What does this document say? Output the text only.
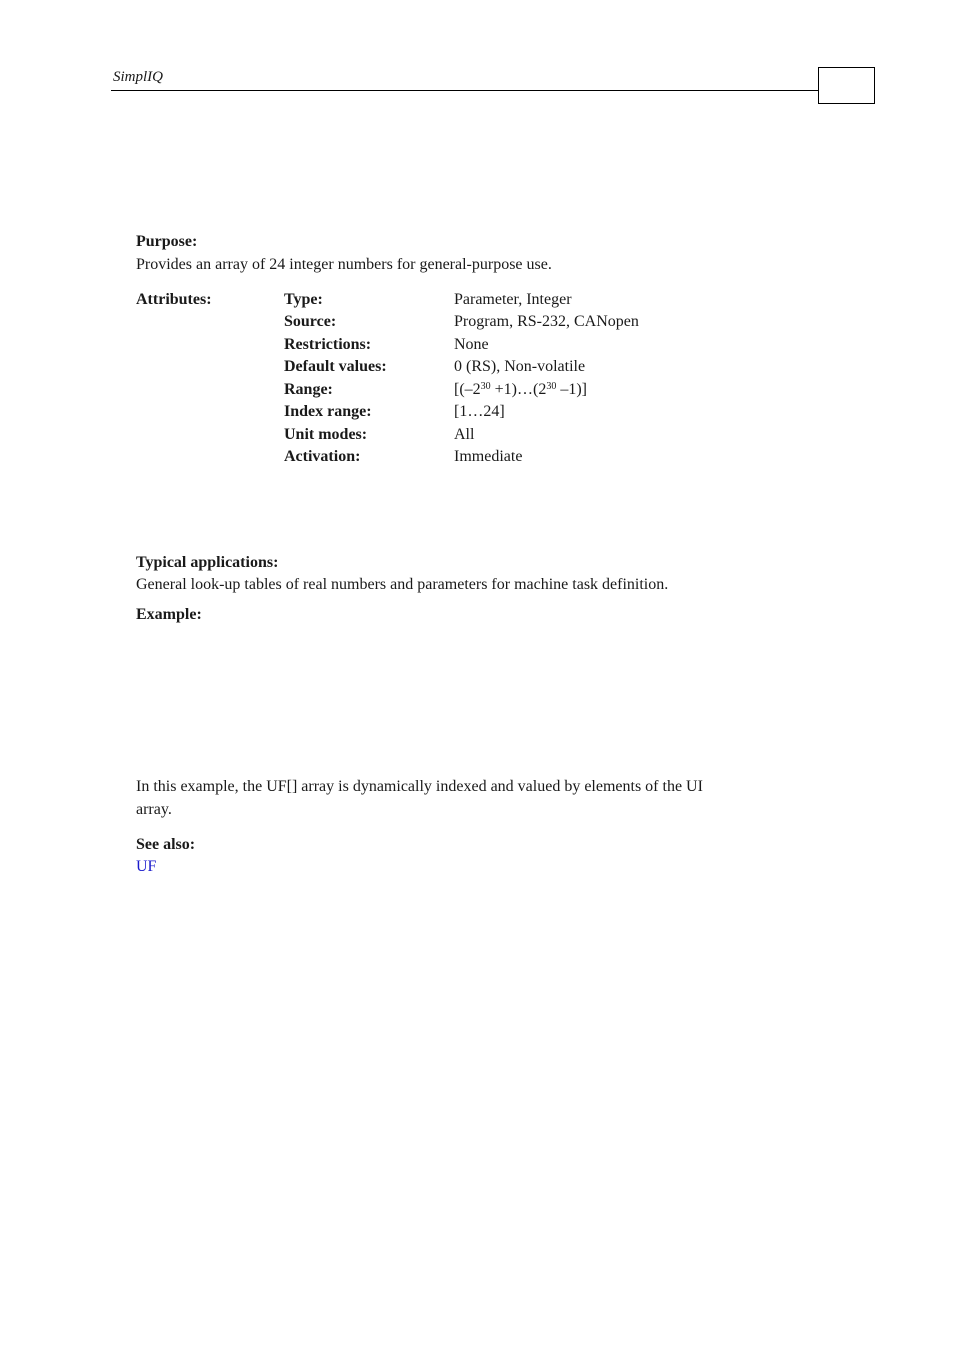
SimplIQ
Purpose:
Provides an array of 24 integer numbers for general-purpose use.
Attributes:	Type:	Parameter, Integer
Source:	Program, RS-232, CANopen
Restrictions:	None
Default values:	0 (RS), Non-volatile
Range:	[($-2^{30}$ $+1)\dots(2^{30}$ –1)]
Index range:	[1…24]
Unit modes:	All
Activation:	Immediate
Typical applications:
General look-up tables of real numbers and parameters for machine task definition.
Example:
In this example, the UF[] array is dynamically indexed and valued by elements of the UI
array.
See also:
UF
